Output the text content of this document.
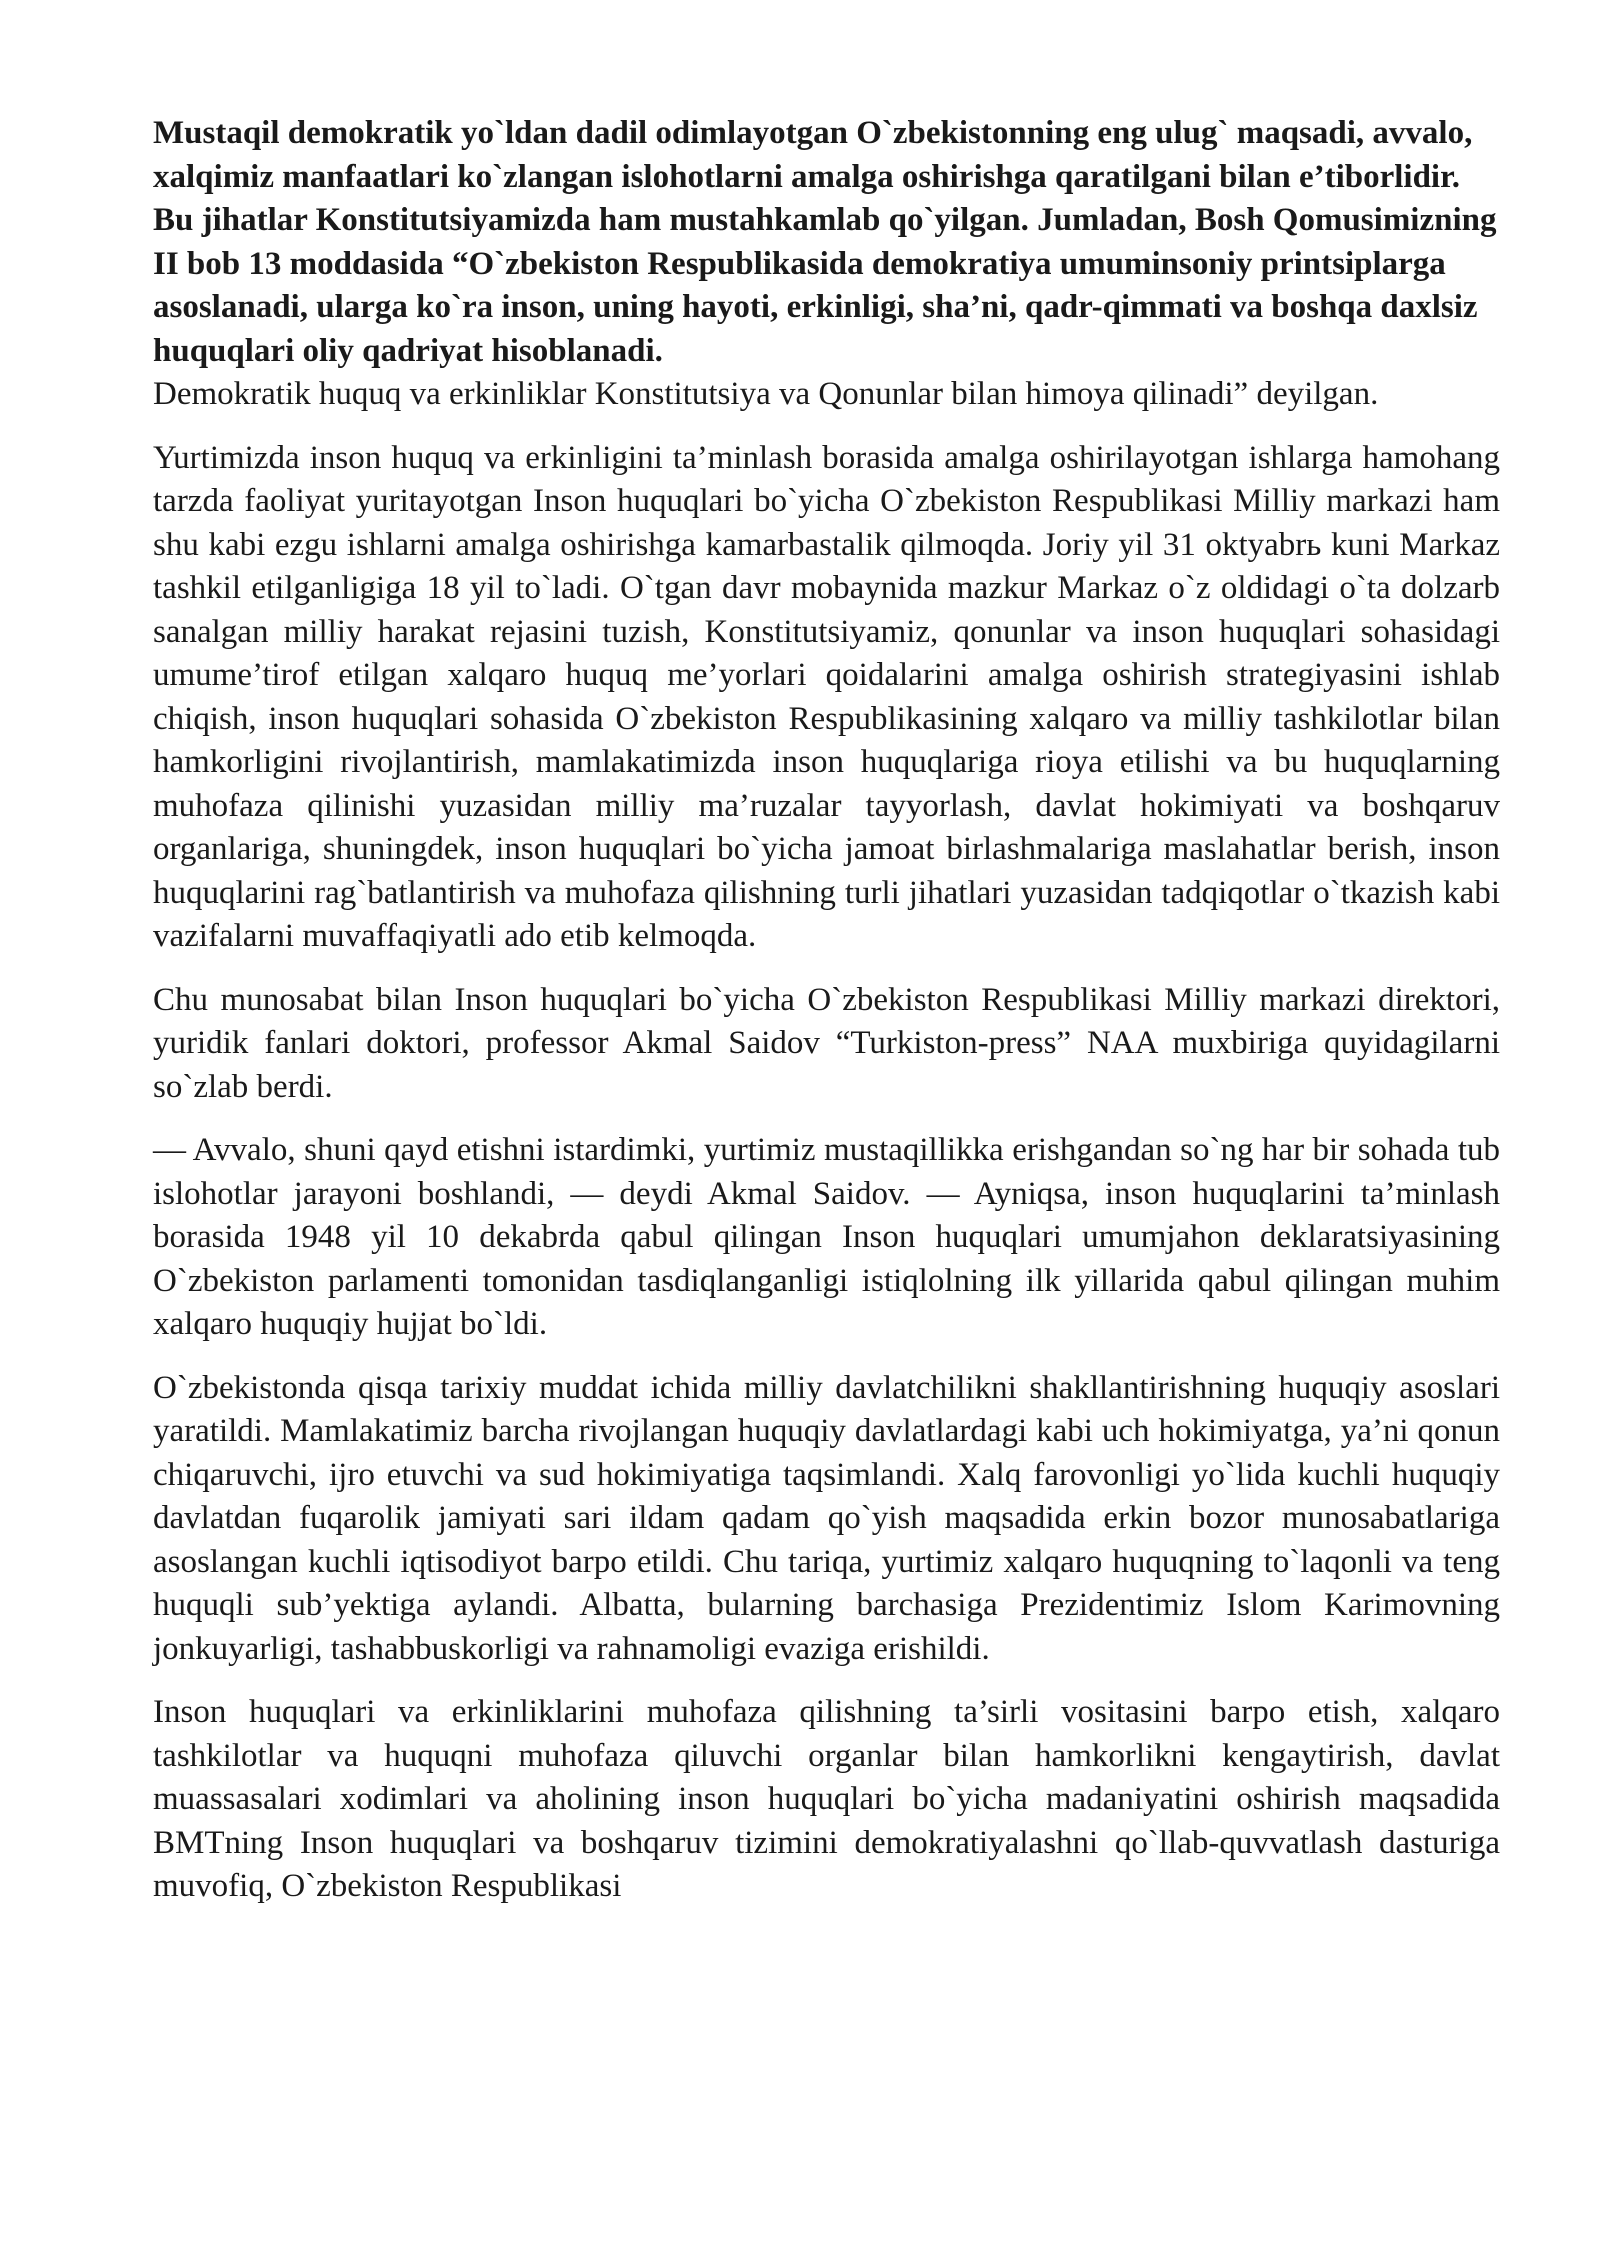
Mustaqil demokratik yo`ldan dadil odimlayotgan O`zbekistonning eng ulug` maqsadi, avvalo, xalqimiz manfaatlari ko`zlangan islohotlarni amalga oshirishga qaratilgani bilan e’tiborlidir. Bu jihatlar Konstitutsiyamizda ham mustahkamlab qo`yilgan. Jumladan, Bosh Qomusimizning II bob 13 moddasida “O`zbekiston Respublikasida demokratiya umuminsoniy printsiplarga asoslanadi, ularga ko`ra inson, uning hayoti, erkinligi, sha’ni, qadr-qimmati va boshqa daxlsiz huquqlari oliy qadriyat hisoblanadi.

Demokratik huquq va erkinliklar Konstitutsiya va Qonunlar bilan himoya qilinadi” deyilgan.

Yurtimizda inson huquq va erkinligini ta’minlash borasida amalga oshirilayotgan ishlarga hamohang tarzda faoliyat yuritayotgan Inson huquqlari bo`yicha O`zbekiston Respublikasi Milliy markazi ham shu kabi ezgu ishlarni amalga oshirishga kamarbastalik qilmoqda. Joriy yil 31 oktyabrь kuni Markaz tashkil etilganligiga 18 yil to`ladi. O`tgan davr mobaynida mazkur Markaz o`z oldidagi o`ta dolzarb sanalgan milliy harakat rejasini tuzish, Konstitutsiyamiz, qonunlar va inson huquqlari sohasidagi umume’tirof etilgan xalqaro huquq me’yorlari qoidalarini amalga oshirish strategiyasini ishlab chiqish, inson huquqlari sohasida O`zbekiston Respublikasining xalqaro va milliy tashkilotlar bilan hamkorligini rivojlantirish, mamlakatimizda inson huquqlariga rioya etilishi va bu huquqlarning muhofaza qilinishi yuzasidan milliy ma’ruzalar tayyorlash, davlat hokimiyati va boshqaruv organlariga, shuningdek, inson huquqlari bo`yicha jamoat birlashmalariga maslahatlar berish, inson huquqlarini rag`batlantirish va muhofaza qilishning turli jihatlari yuzasidan tadqiqotlar o`tkazish kabi vazifalarni muvaffaqiyatli ado etib kelmoqda.

Chu munosabat bilan Inson huquqlari bo`yicha O`zbekiston Respublikasi Milliy markazi direktori, yuridik fanlari doktori, professor Akmal Saidov “Turkiston-press” NAA muxbiriga quyidagilarni so`zlab berdi.

— Avvalo, shuni qayd etishni istardimki, yurtimiz mustaqillikka erishgandan so`ng har bir sohada tub islohotlar jarayoni boshlandi, — deydi Akmal Saidov. — Ayniqsa, inson huquqlarini ta’minlash borasida 1948 yil 10 dekabrda qabul qilingan Inson huquqlari umumjahon deklaratsiyasining O`zbekiston parlamenti tomonidan tasdiqlanganligi istiqlolning ilk yillarida qabul qilingan muhim xalqaro huquqiy hujjat bo`ldi.

O`zbekistonda qisqa tarixiy muddat ichida milliy davlatchilikni shakllantirishning huquqiy asoslari yaratildi. Mamlakatimiz barcha rivojlangan huquqiy davlatlardagi kabi uch hokimiyatga, ya’ni qonun chiqaruvchi, ijro etuvchi va sud hokimiyatiga taqsimlandi. Xalq farovonligi yo`lida kuchli huquqiy davlatdan fuqarolik jamiyati sari ildam qadam qo`yish maqsadida erkin bozor munosabatlariga asoslangan kuchli iqtisodiyot barpo etildi. Chu tariqa, yurtimiz xalqaro huquqning to`laqonli va teng huquqli sub’yektiga aylandi. Albatta, bularning barchasiga Prezidentimiz Islom Karimovning jonkuyarligi, tashabbuskorligi va rahnamoligi evaziga erishildi.

Inson huquqlari va erkinliklarini muhofaza qilishning ta’sirli vositasini barpo etish, xalqaro tashkilotlar va huquqni muhofaza qiluvchi organlar bilan hamkorlikni kengaytirish, davlat muassasalari xodimlari va aholining inson huquqlari bo`yicha madaniyatini oshirish maqsadida BMTning Inson huquqlari va boshqaruv tizimini demokratiyalashni qo`llab-quvvatlash dasturiga muvofiq, O`zbekiston Respublikasi
